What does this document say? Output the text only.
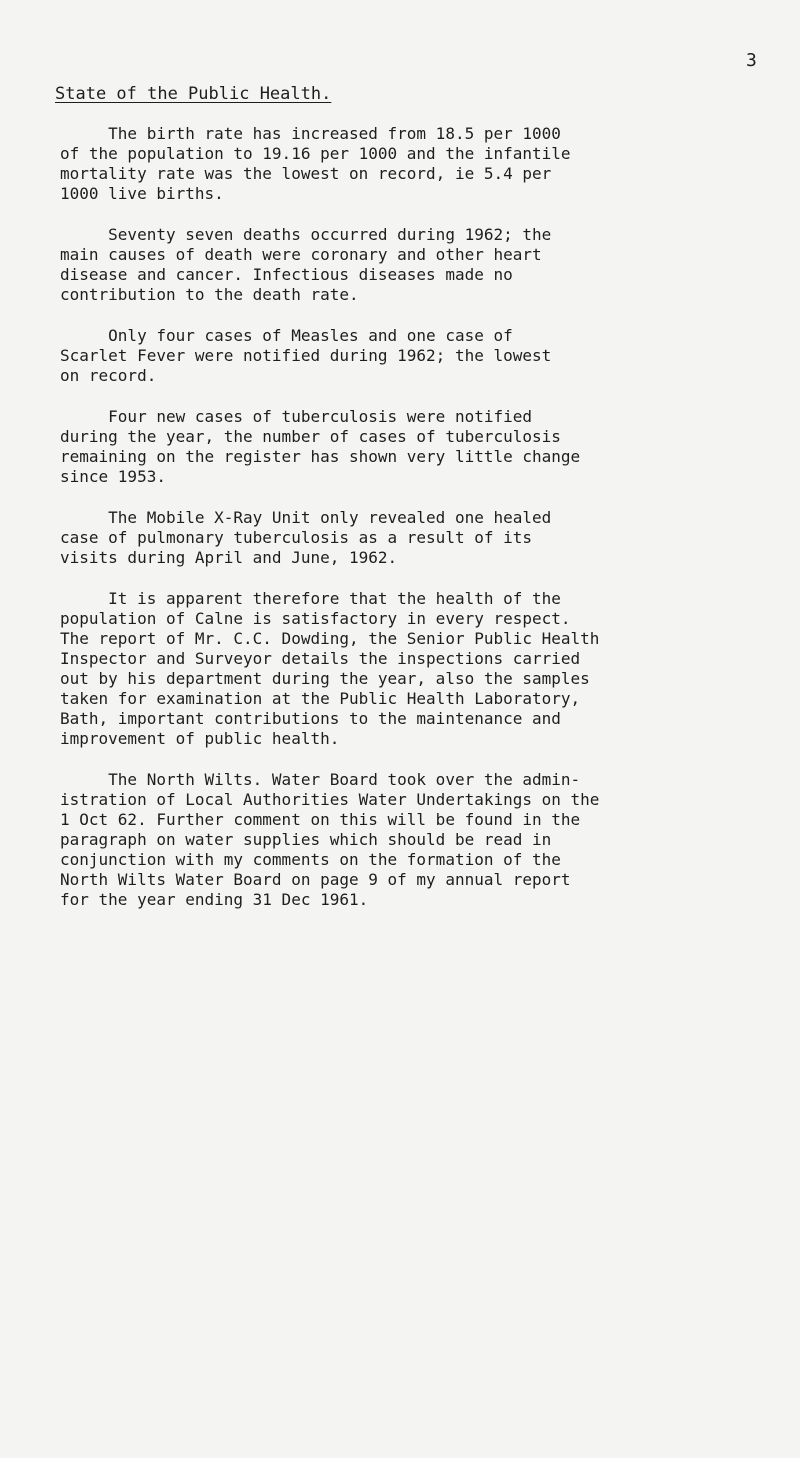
3

State of the Public Health.
The birth rate has increased from 18.5 per 1000
of the population to 19.16 per 1000 and the infantile
mortality rate was the lowest on record, ie 5.4 per
1000 live births.
Seventy seven deaths occurred during 1962; the
main causes of death were coronary and other heart
disease and cancer. Infectious diseases made no
contribution to the death rate.
Only four cases of Measles and one case of
Scarlet Fever were notified during 1962; the lowest
on record.
Four new cases of tuberculosis were notified
during the year, the number of cases of tuberculosis
remaining on the register has shown very little change
since 1953.
The Mobile X-Ray Unit only revealed one healed
case of pulmonary tuberculosis as a result of its
visits during April and June, 1962.
It is apparent therefore that the health of the
population of Calne is satisfactory in every respect.
The report of Mr. C.C. Dowding, the Senior Public Health
Inspector and Surveyor details the inspections carried
out by his department during the year, also the samples
taken for examination at the Public Health Laboratory,
Bath, important contributions to the maintenance and
improvement of public health.
The North Wilts. Water Board took over the admin-
istration of Local Authorities Water Undertakings on the
1 Oct 62. Further comment on this will be found in the
paragraph on water supplies which should be read in
conjunction with my comments on the formation of the
North Wilts Water Board on page 9 of my annual report
for the year ending 31 Dec 1961.
